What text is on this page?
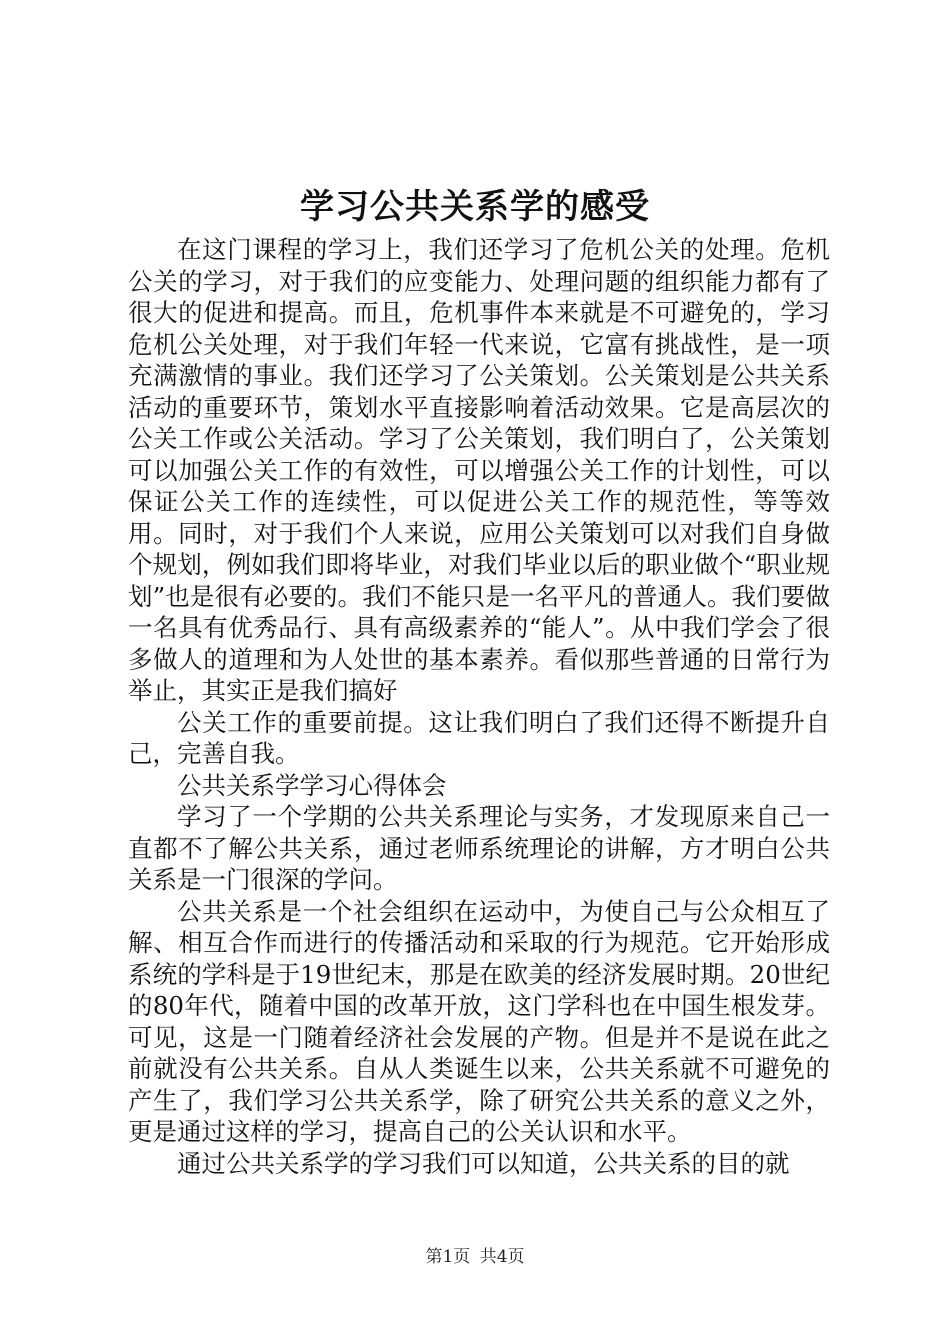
学习公共关系学的感受

在这门课程的学习上，我们还学习了危机公关的处理。危机公关的学习，对于我们的应变能力、处理问题的组织能力都有了很大的促进和提高。而且，危机事件本来就是不可避免的，学习危机公关处理，对于我们年轻一代来说，它富有挑战性，是一项充满激情的事业。我们还学习了公关策划。公关策划是公共关系活动的重要环节，策划水平直接影响着活动效果。它是高层次的公关工作或公关活动。学习了公关策划，我们明白了，公关策划可以加强公关工作的有效性，可以增强公关工作的计划性，可以保证公关工作的连续性，可以促进公关工作的规范性，等等效用。同时，对于我们个人来说，应用公关策划可以对我们自身做个规划，例如我们即将毕业，对我们毕业以后的职业做个“职业规划”也是很有必要的。我们不能只是一名平凡的普通人。我们要做一名具有优秀品行、具有高级素养的“能人”。从中我们学会了很多做人的道理和为人处世的基本素养。看似那些普通的日常行为举止，其实正是我们搞好

公关工作的重要前提。这让我们明白了我们还得不断提升自己，完善自我。

公共关系学学习心得体会

学习了一个学期的公共关系理论与实务，才发现原来自己一直都不了解公共关系，通过老师系统理论的讲解，方才明白公共关系是一门很深的学问。

公共关系是一个社会组织在运动中，为使自己与公众相互了解、相互合作而进行的传播活动和采取的行为规范。它开始形成系统的学科是于19世纪末，那是在欧美的经济发展时期。20世纪的80年代，随着中国的改革开放，这门学科也在中国生根发芽。可见，这是一门随着经济社会发展的产物。但是并不是说在此之前就没有公共关系。自从人类诞生以来，公共关系就不可避免的产生了，我们学习公共关系学，除了研究公共关系的意义之外，更是通过这样的学习，提高自己的公关认识和水平。

通过公共关系学的学习我们可以知道，公共关系的目的就

第1页 共4页
